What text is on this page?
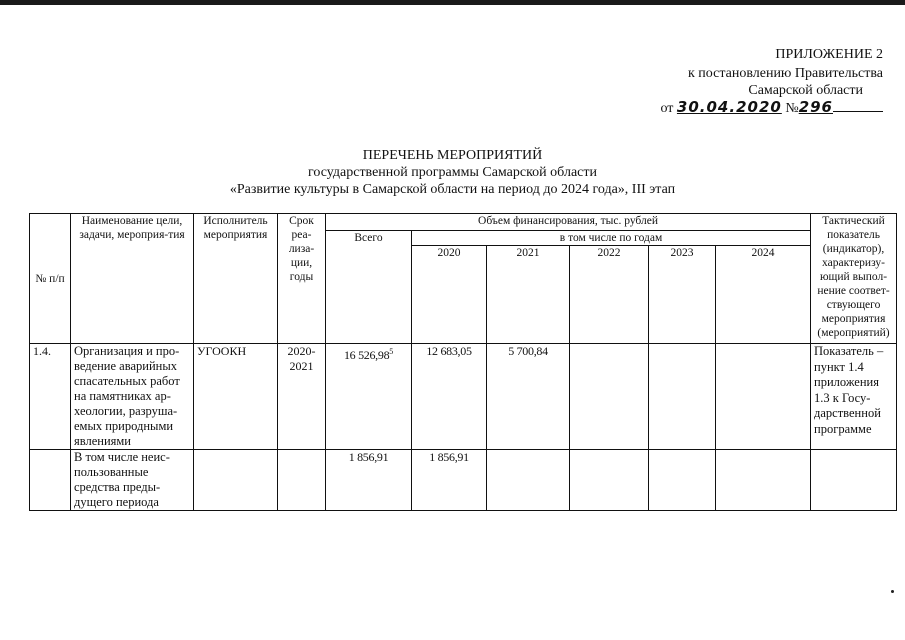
ПРИЛОЖЕНИЕ 2
к постановлению Правительства
Самарской области
от 30.04.2020 №296
ПЕРЕЧЕНЬ МЕРОПРИЯТИЙ
государственной программы Самарской области
«Развитие культуры в Самарской области на период до 2024 года», III этап
№ п/п	Наименование цели, задачи, мероприя-тия	Исполнитель мероприятия	Срок реа-лиза-ции, годы	Объем финансирования, тыс. рублей						Тактический показатель (индикатор), характеризу-ющий выпол-нение соответ-ствующего мероприятия (мероприятий)
				Всего	в том числе по годам					
					2020	2021	2022	2023	2024	
1.4.	Организация и про-ведение аварийных спасательных работ на памятниках ар-хеологии, разруша-емых природными явлениями	УГООКН	2020-2021	16 526,98$^5$	12 683,05	5 700,84				Показатель – пункт 1.4 приложения 1.3 к Госу-дарственной программе
	В том числе неис-пользованные средства преды-дущего периода			1 856,91	1 856,91					
